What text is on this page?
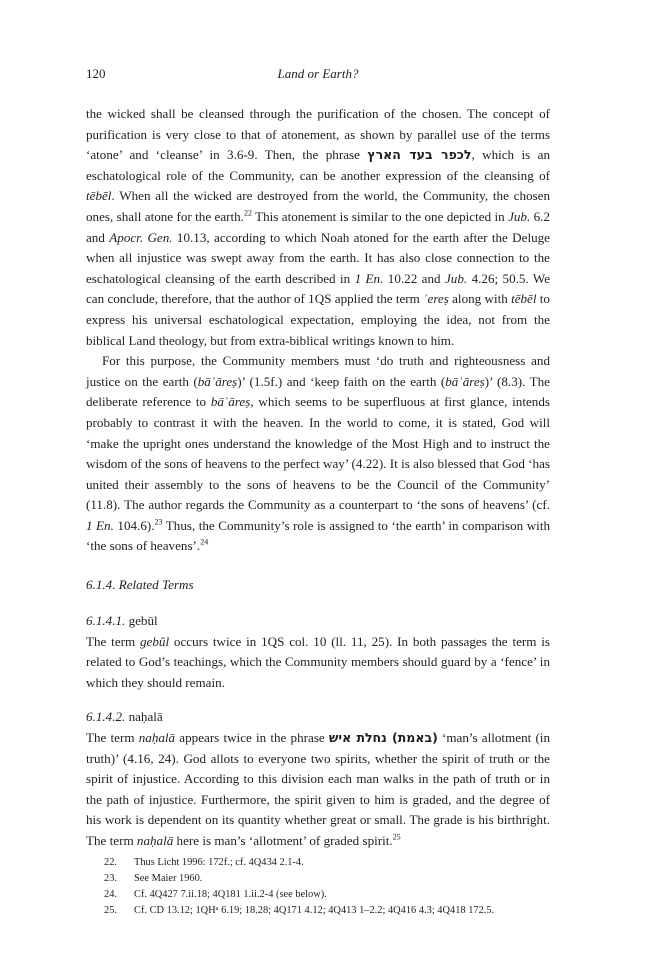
120	Land or Earth?

the wicked shall be cleansed through the purification of the chosen. The concept of purification is very close to that of atonement, as shown by parallel use of the terms ‘atone’ and ‘cleanse’ in 3.6-9. Then, the phrase לכפר בעד הארץ, which is an eschatological role of the Community, can be another expression of the cleansing of tēbēl. When all the wicked are destroyed from the world, the Community, the chosen ones, shall atone for the earth.$^{22}$ This atonement is similar to the one depicted in Jub. 6.2 and Apocr. Gen. 10.13, according to which Noah atoned for the earth after the Deluge when all injustice was swept away from the earth. It has also close connection to the eschatological cleansing of the earth described in 1 En. 10.22 and Jub. 4.26; 50.5. We can conclude, therefore, that the author of 1QS applied the term ʾereṣ along with tēbēl to express his universal eschatological expectation, employing the idea, not from the biblical Land theology, but from extra-biblical writings known to him.

For this purpose, the Community members must ‘do truth and righteousness and justice on the earth (bāʾāreṣ)’ (1.5f.) and ‘keep faith on the earth (bāʾāreṣ)’ (8.3). The deliberate reference to bāʾāreṣ, which seems to be superfluous at first glance, intends probably to contrast it with the heaven. In the world to come, it is stated, God will ‘make the upright ones understand the knowledge of the Most High and to instruct the wisdom of the sons of heavens to the perfect way’ (4.22). It is also blessed that God ‘has united their assembly to the sons of heavens to be the Council of the Community’ (11.8). The author regards the Community as a counterpart to ‘the sons of heavens’ (cf. 1 En. 104.6).$^{23}$ Thus, the Community’s role is assigned to ‘the earth’ in comparison with ‘the sons of heavens’.$^{24}$

6.1.4. Related Terms

6.1.4.1. gebūl

The term gebûl occurs twice in 1QS col. 10 (ll. 11, 25). In both passages the term is related to God’s teachings, which the Community members should guard by a ‘fence’ in which they should remain.

6.1.4.2. naḥalā

The term naḥalā appears twice in the phrase (באמת) נחלת איש ‘man’s allotment (in truth)’ (4.16, 24). God allots to everyone two spirits, whether the spirit of truth or the spirit of injustice. According to this division each man walks in the path of truth or in the path of injustice. Furthermore, the spirit given to him is graded, and the degree of his work is dependent on its quantity whether great or small. The grade is his birthright. The term naḥalā here is man’s ‘allotment’ of graded spirit.$^{25}$

22.	Thus Licht 1996: 172f.; cf. 4Q434 2.1-4.
23.	See Maier 1960.
24.	Cf. 4Q427 7.ii.18; 4Q181 1.ii.2-4 (see below).
25.	Cf. CD 13.12; 1QHᵃ 6.19; 18.28; 4Q171 4.12; 4Q413 1–2.2; 4Q416 4.3; 4Q418 172.5.
